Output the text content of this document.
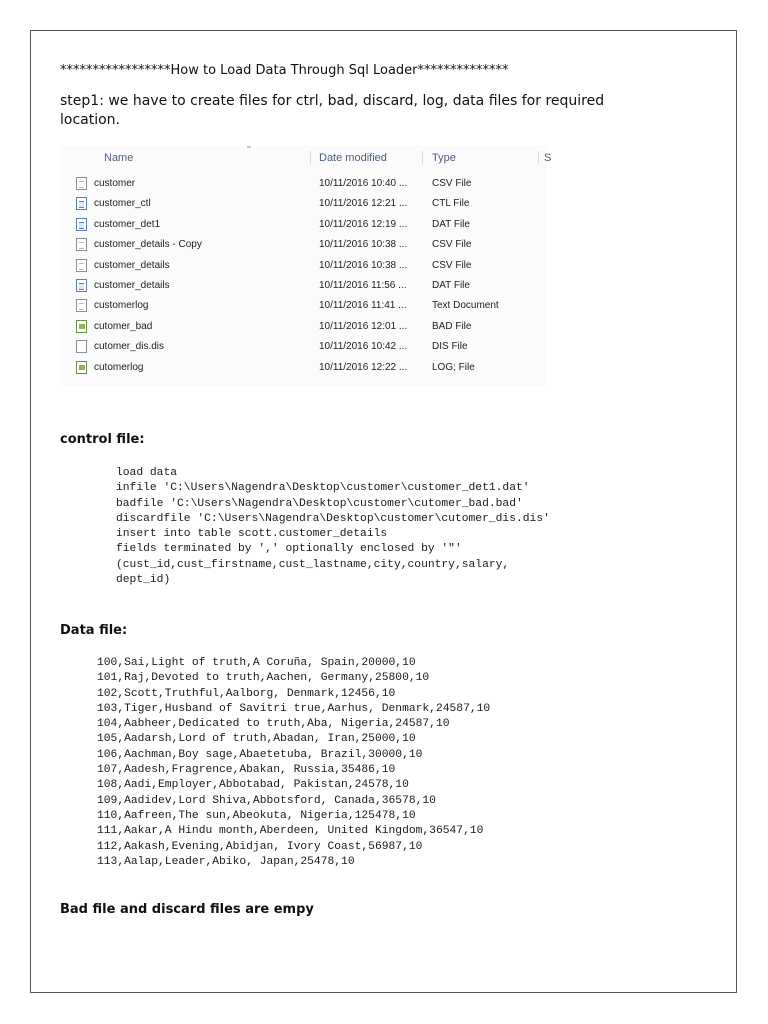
*****************How to Load Data Through Sql Loader**************
step1: we have to create files for ctrl, bad, discard, log, data files for required location.
Name	Date modified	Type	S
customer	10/11/2016 10:40 ... CSV File
customer_ctl	10/11/2016 12:21 ... CTL File
customer_det1	10/11/2016 12:19 ... DAT File
customer_details - Copy	10/11/2016 10:38 ... CSV File
customer_details	10/11/2016 10:38 ... CSV File
customer_details	10/11/2016 11:56 ...	DAT File
customerlog	10/11/2016 11:41 ...	Text Document
cutomer_bad	10/11/2016 12:01 ... BAD File
cutomer_dis.dis	10/11/2016 10:42 ... DIS File
cutomerlog	10/11/2016 12:22 ... LOG; File
control file:
load data
infile 'C:\Users\Nagendra\Desktop\customer\customer_det1.dat'
badfile 'C:\Users\Nagendra\Desktop\customer\cutomer_bad.bad'
discardfile 'C:\Users\Nagendra\Desktop\customer\cutomer_dis.dis'
insert into table scott.customer_details
fields terminated by ',' optionally enclosed by '"'
(cust_id,cust_firstname,cust_lastname,city,country,salary,
dept_id)
Data file:
100,Sai,Light of truth,A Coruña, Spain,20000,10
101,Raj,Devoted to truth,Aachen, Germany,25800,10
102,Scott,Truthful,Aalborg, Denmark,12456,10
103,Tiger,Husband of Savitri true,Aarhus, Denmark,24587,10
104,Aabheer,Dedicated to truth,Aba, Nigeria,24587,10
105,Aadarsh,Lord of truth,Abadan, Iran,25000,10
106,Aachman,Boy sage,Abaetetuba, Brazil,30000,10
107,Aadesh,Fragrence,Abakan, Russia,35486,10
108,Aadi,Employer,Abbotabad, Pakistan,24578,10
109,Aadidev,Lord Shiva,Abbotsford, Canada,36578,10
110,Aafreen,The sun,Abeokuta, Nigeria,125478,10
111,Aakar,A Hindu month,Aberdeen, United Kingdom,36547,10
112,Aakash,Evening,Abidjan, Ivory Coast,56987,10
113,Aalap,Leader,Abiko, Japan,25478,10
Bad file and discard files are empy
